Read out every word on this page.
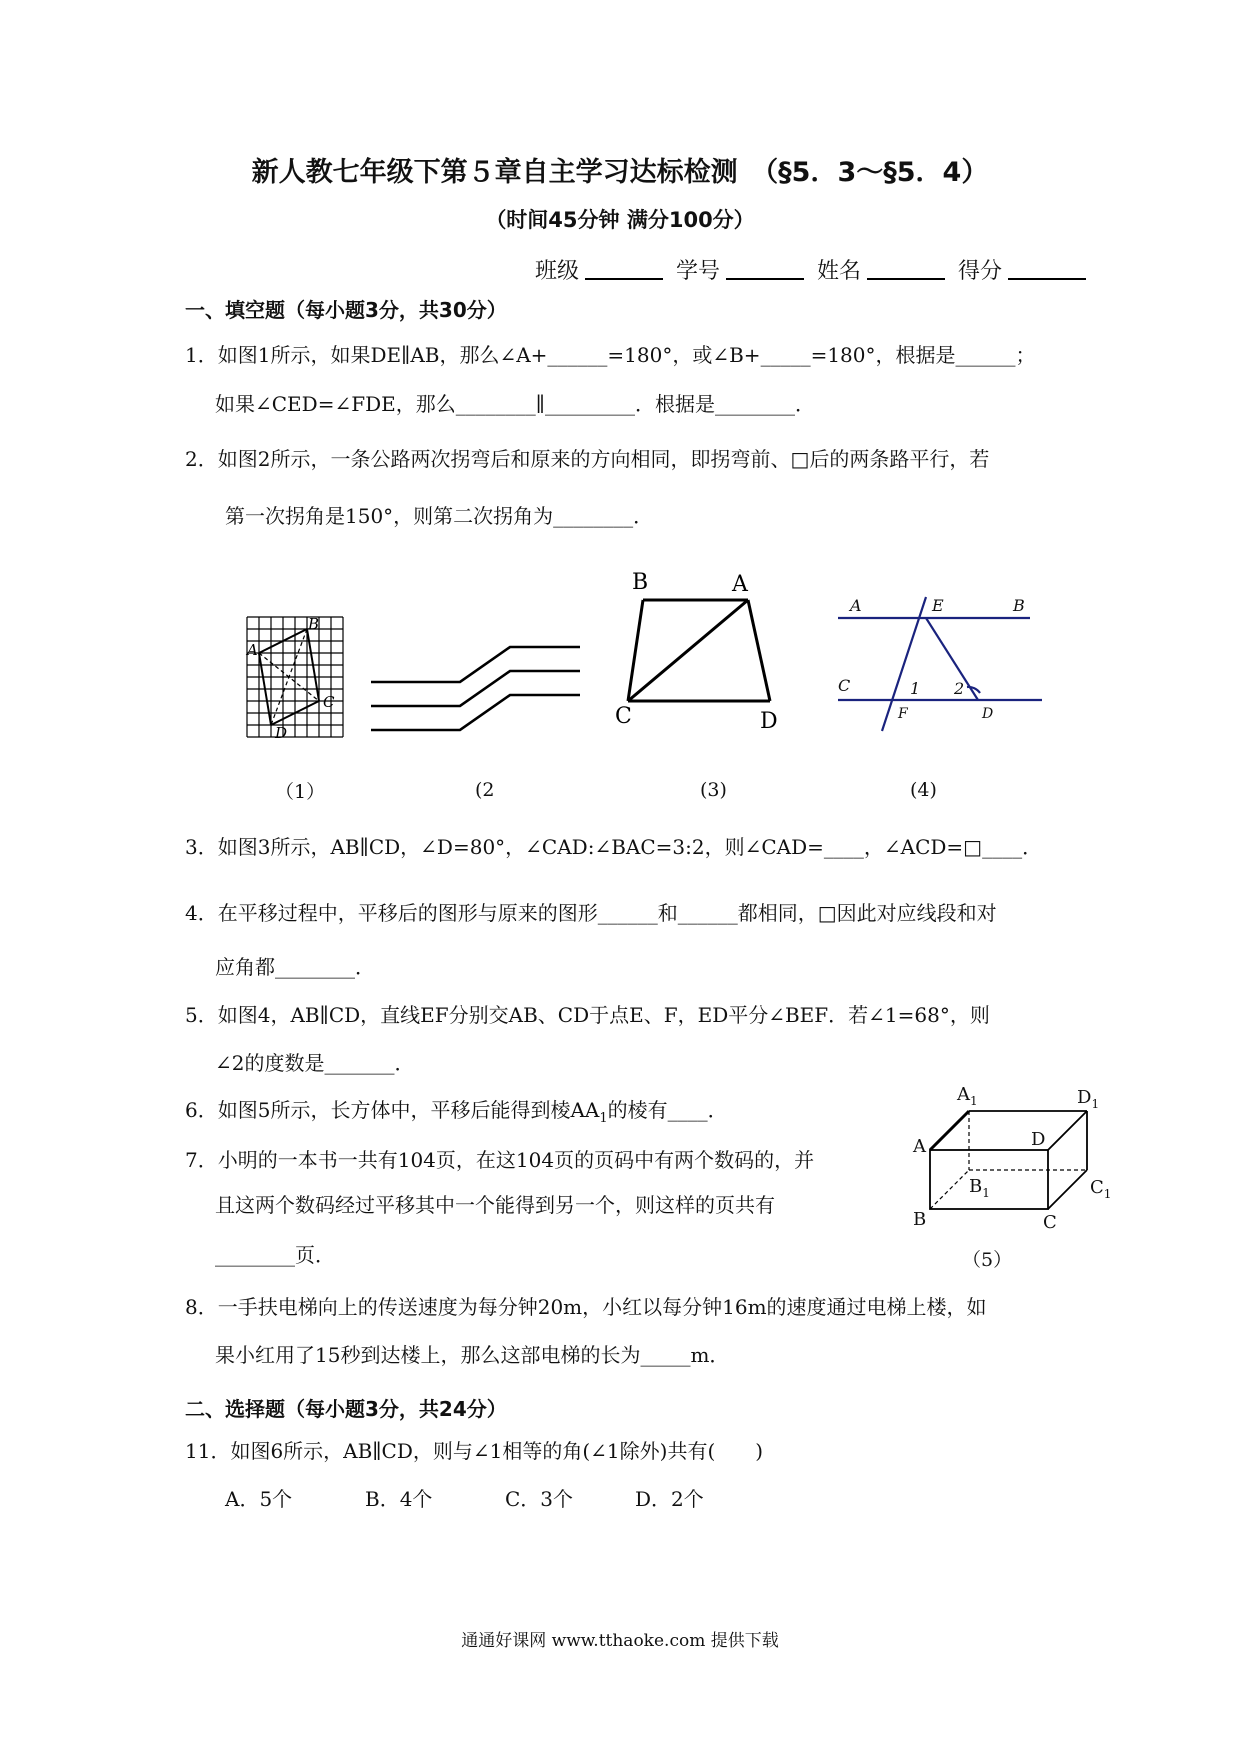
新人教七年级下第５章自主学习达标检测　（§5．3～§5．4）
（时间45分钟 满分100分）
班级	学号	姓名	得分
一、填空题（每小题3分，共30分）
1．如图1所示，如果DE∥AB，那么∠A+______=180°，或∠B+_____=180°，根据是______；
如果∠CED=∠FDE，那么________∥_________．根据是________．
2．如图2所示，一条公路两次拐弯后和原来的方向相同，即拐弯前、□后的两条路平行，若
第一次拐角是150°，则第二次拐角为________．
A
B
C
D
B	A
C	D
A	E	B
C	1 2
F	D
（1）	(2	(3)	(4)
3．如图3所示，AB∥CD，∠D=80°，∠CAD:∠BAC=3:2，则∠CAD=____，∠ACD=□____．
4．在平移过程中，平移后的图形与原来的图形______和______都相同，□因此对应线段和对
应角都________．
5．如图4，AB∥CD，直线EF分别交AB、CD于点E、F，ED平分∠BEF．若∠1=68°，则
∠2的度数是_______．
6．如图5所示，长方体中，平移后能得到棱$AA_1$的棱有____．
7．小明的一本书一共有104页，在这104页的页码中有两个数码的，并
且这两个数码经过平移其中一个能得到另一个，则这样的页共有
________页．
$A_1$	$D_1$
A	D
$B_1$	$C_1$
B	C
（5）
8．一手扶电梯向上的传送速度为每分钟20m，小红以每分钟16m的速度通过电梯上楼，如
果小红用了15秒到达楼上，那么这部电梯的长为_____m．
二、选择题（每小题3分，共24分）
11．如图6所示，AB∥CD，则与∠1相等的角(∠1除外)共有(　　)
A．5个	B．4个	C．3个	D．2个
通通好课网 www.tthaoke.com 提供下载
